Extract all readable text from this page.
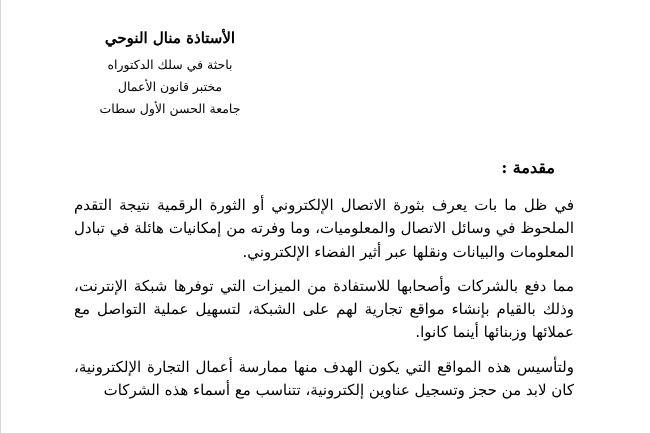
الأستاذة منال النوحي
باحثة في سلك الدكتوراه
مختبر قانون الأعمال
جامعة الحسن الأول سطات
مقدمة :

في ظل ما بات يعرف بثورة الاتصال الإلكتروني أو الثورة الرقمية نتيجة التقدم الملحوظ في وسائل الاتصال والمعلوميات، وما وفرته من إمكانيات هائلة في تبادل المعلومات والبيانات ونقلها عبر أثير الفضاء الإلكتروني.

مما دفع بالشركات وأصحابها للاستفادة من الميزات التي توفرها شبكة الإنترنت، وذلك بالقيام بإنشاء مواقع تجارية لهم على الشبكة، لتسهيل عملية التواصل مع عملائها وزبنائها أينما كانوا.

ولتأسيس هذه المواقع التي يكون الهدف منها ممارسة أعمال التجارة الإلكترونية، كان لابد من حجز وتسجيل عناوين إلكترونية، تتناسب مع أسماء هذه الشركات
